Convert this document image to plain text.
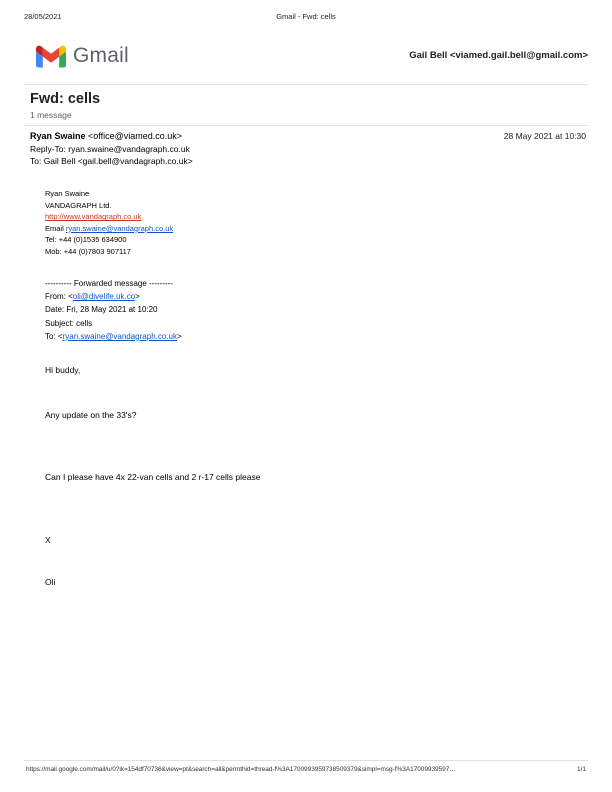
28/05/2021	Gmail - Fwd: cells
Gmail	Gail Bell <viamed.gail.bell@gmail.com>
Fwd: cells
1 message
Ryan Swaine <office@viamed.co.uk>	28 May 2021 at 10:30
Reply-To: ryan.swaine@vandagraph.co.uk
To: Gail Bell <gail.bell@vandagraph.co.uk>
Ryan Swaine
VANDAGRAPH Ltd.
http://www.vandagraph.co.uk
Email ryan.swaine@vandagraph.co.uk
Tel: +44 (0)1535 634900
Mob: +44 (0)7803 907117
---------- Forwarded message ---------
From: <oli@divelife.uk.co>
Date: Fri, 28 May 2021 at 10:20
Subject: cells
To: <ryan.swaine@vandagraph.co.uk>
Hi buddy,
Any update on the 33's?
Can I please have 4x 22-van cells and 2 r-17 cells please
X
Oli
https://mail.google.com/mail/u/0?ik=154df70736&view=pt&search=all&permthid=thread-f%3A1700993959738509379&simpl=msg-f%3A17009939597…	1/1
